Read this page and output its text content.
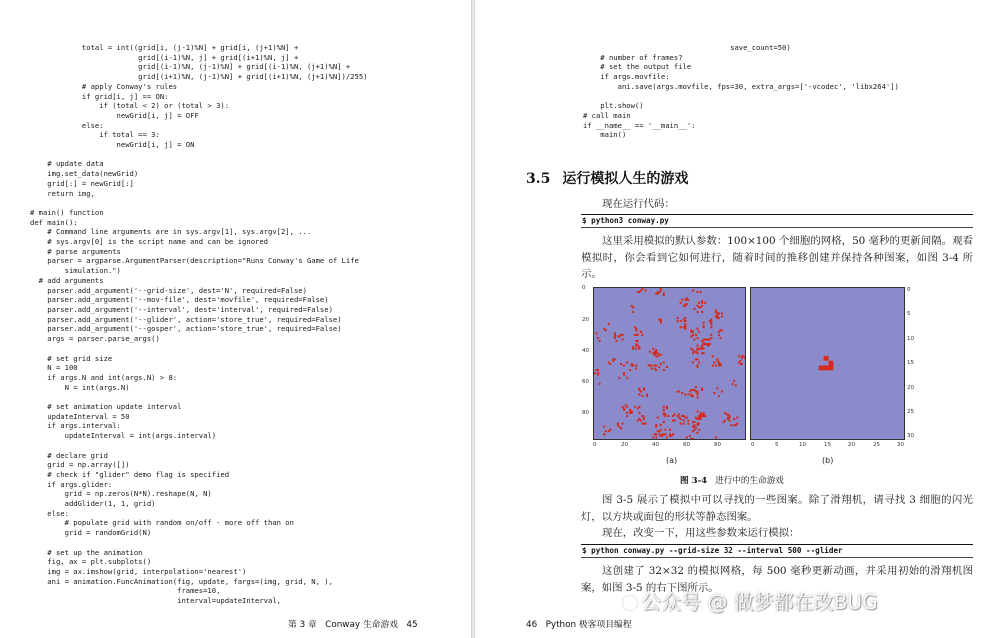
total = int((grid[i, (j-1)%N] + grid[i, (j+1)%N] +
grid[(i-1)%N, j] + grid[(i+1)%N, j] +
grid[(i-1)%N, (j-1)%N] + grid[(i-1)%N, (j+1)%N] +
grid[(i+1)%N, (j-1)%N] + grid[(i+1)%N, (j+1)%N])/255)
# apply Conway's rules
if grid[i, j] == ON:
if (total < 2) or (total > 3):
newGrid[i, j] = OFF
else:
if total == 3:
newGrid[i, j] = ON

# update data
img.set_data(newGrid)
grid[:] = newGrid[:]
return img,

# main() function
def main():
# Command line arguments are in sys.argv[1], sys.argv[2], ...
# sys.argv[0] is the script name and can be ignored
# parse arguments
parser = argparse.ArgumentParser(description="Runs Conway's Game of Life
simulation.")
# add arguments
parser.add_argument('--grid-size', dest='N', required=False)
parser.add_argument('--mov-file', dest='movfile', required=False)
parser.add_argument('--interval', dest='interval', required=False)
parser.add_argument('--glider', action='store_true', required=False)
parser.add_argument('--gosper', action='store_true', required=False)
args = parser.parse_args()

# set grid size
N = 100
if args.N and int(args.N) > 8:
N = int(args.N)

# set animation update interval
updateInterval = 50
if args.interval:
updateInterval = int(args.interval)

# declare grid
grid = np.array([])
# check if "glider" demo flag is specified
if args.glider:
grid = np.zeros(N*N).reshape(N, N)
addGlider(1, 1, grid)
else:
# populate grid with random on/off - more off than on
grid = randomGrid(N)

# set up the animation
fig, ax = plt.subplots()
img = ax.imshow(grid, interpolation='nearest')
ani = animation.FuncAnimation(fig, update, fargs=(img, grid, N, ),
frames=10,
interval=updateInterval,
第 3 章   Conway 生命游戏   45
save_count=50)
# number of frames?
# set the output file
if args.movfile:
ani.save(args.movfile, fps=30, extra_args=['-vcodec', 'libx264'])

plt.show()
# call main
if __name__ == '__main__':
main()
3.5 运行模拟人生的游戏
现在运行代码：
$ python3 conway.py
这里采用模拟的默认参数：100×100 个细胞的网格，50 毫秒的更新间隔。观看模拟时，你会看到它如何进行，随着时间的推移创建并保持各种图案，如图 3-4 所示。
0
20
40
60
80
0	20	40	60	80	0	5	10	15	20	25	30
0
5
10
15
20
25
30
(a)	(b)
图 3-4 进行中的生命游戏
图 3-5 展示了模拟中可以寻找的一些图案。除了滑翔机，请寻找 3 细胞的闪光灯，以方块或面包的形状等静态图案。
现在，改变一下，用这些参数来运行模拟：
$ python conway.py --grid-size 32 --interval 500 --glider
这创建了 32×32 的模拟网格，每 500 毫秒更新动画，并采用初始的滑翔机图案，如图 3-5 的右下图所示。
46   Python 极客项目编程
公众号 @ 做梦都在改BUG
